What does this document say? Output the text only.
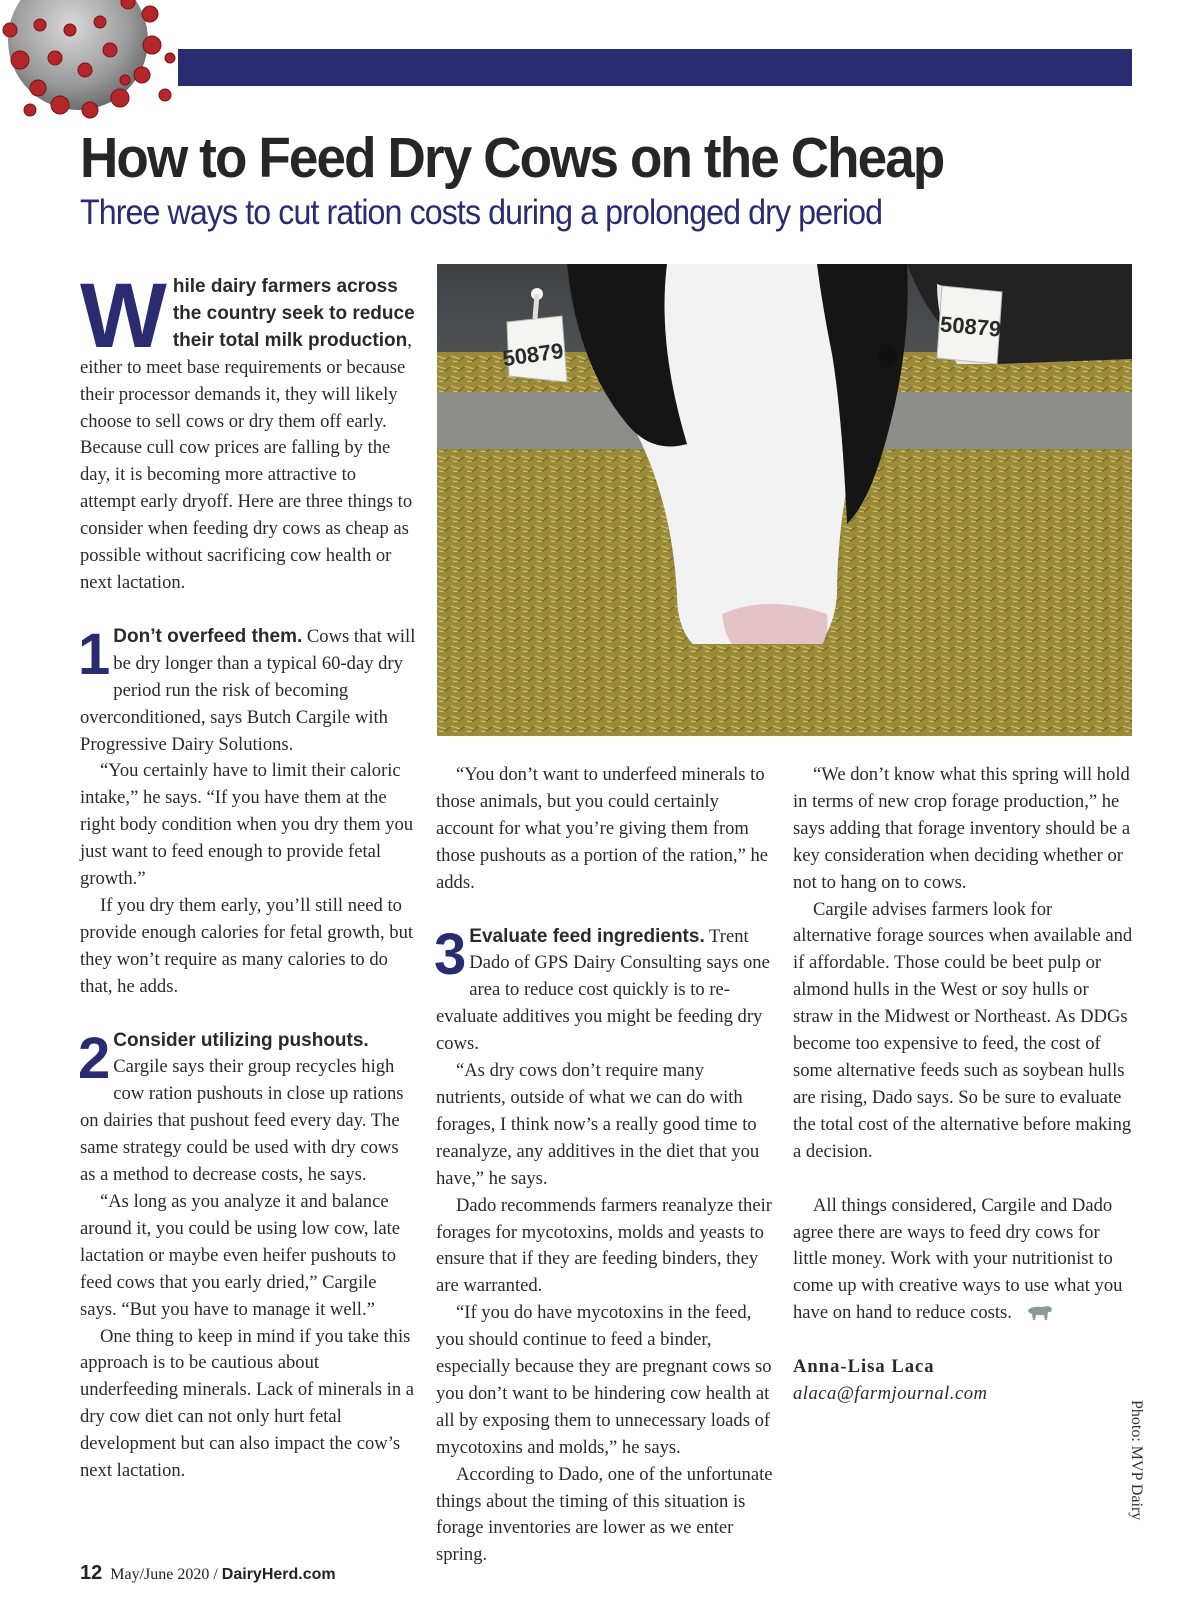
How to Feed Dry Cows on the Cheap
Three ways to cut ration costs during a prolonged dry period

While dairy farmers across the country seek to reduce their total milk production, either to meet base requirements or because their processor demands it, they will likely choose to sell cows or dry them off early. Because cull cow prices are falling by the day, it is becoming more attractive to attempt early dryoff. Here are three things to consider when feeding dry cows as cheap as possible without sacrificing cow health or next lactation.

1 Don’t overfeed them. Cows that will be dry longer than a typical 60-day dry period run the risk of becoming overconditioned, says Butch Cargile with Progressive Dairy Solutions.

“You certainly have to limit their caloric intake,” he says. “If you have them at the right body condition when you dry them you just want to feed enough to provide fetal growth.”

If you dry them early, you’ll still need to provide enough calories for fetal growth, but they won’t require as many calories to do that, he adds.

2 Consider utilizing pushouts. Cargile says their group recycles high cow ration pushouts in close up rations on dairies that pushout feed every day. The same strategy could be used with dry cows as a method to decrease costs, he says.

“As long as you analyze it and balance around it, you could be using low cow, late lactation or maybe even heifer pushouts to feed cows that you early dried,” Cargile says. “But you have to manage it well.”

One thing to keep in mind if you take this approach is to be cautious about underfeeding minerals. Lack of minerals in a dry cow diet can not only hurt fetal development but can also impact the cow’s next lactation.

50879
50879

“You don’t want to underfeed minerals to those animals, but you could certainly account for what you’re giving them from those pushouts as a portion of the ration,” he adds.

3 Evaluate feed ingredients. Trent Dado of GPS Dairy Consulting says one area to reduce cost quickly is to re-evaluate additives you might be feeding dry cows.

“As dry cows don’t require many nutrients, outside of what we can do with forages, I think now’s a really good time to reanalyze, any additives in the diet that you have,” he says.

Dado recommends farmers reanalyze their forages for mycotoxins, molds and yeasts to ensure that if they are feeding binders, they are warranted.

“If you do have mycotoxins in the feed, you should continue to feed a binder, especially because they are pregnant cows so you don’t want to be hindering cow health at all by exposing them to unnecessary loads of mycotoxins and molds,” he says.

According to Dado, one of the unfortunate things about the timing of this situation is forage inventories are lower as we enter spring.

“We don’t know what this spring will hold in terms of new crop forage production,” he says adding that forage inventory should be a key consideration when deciding whether or not to hang on to cows.

Cargile advises farmers look for alternative forage sources when available and if affordable. Those could be beet pulp or almond hulls in the West or soy hulls or straw in the Midwest or Northeast. As DDGs become too expensive to feed, the cost of some alternative feeds such as soybean hulls are rising, Dado says. So be sure to evaluate the total cost of the alternative before making a decision.

All things considered, Cargile and Dado agree there are ways to feed dry cows for little money. Work with your nutritionist to come up with creative ways to use what you have on hand to reduce costs.

Anna-Lisa Laca
alaca@farmjournal.com

Photo: MVP Dairy
12 May/June 2020 / DairyHerd.com
